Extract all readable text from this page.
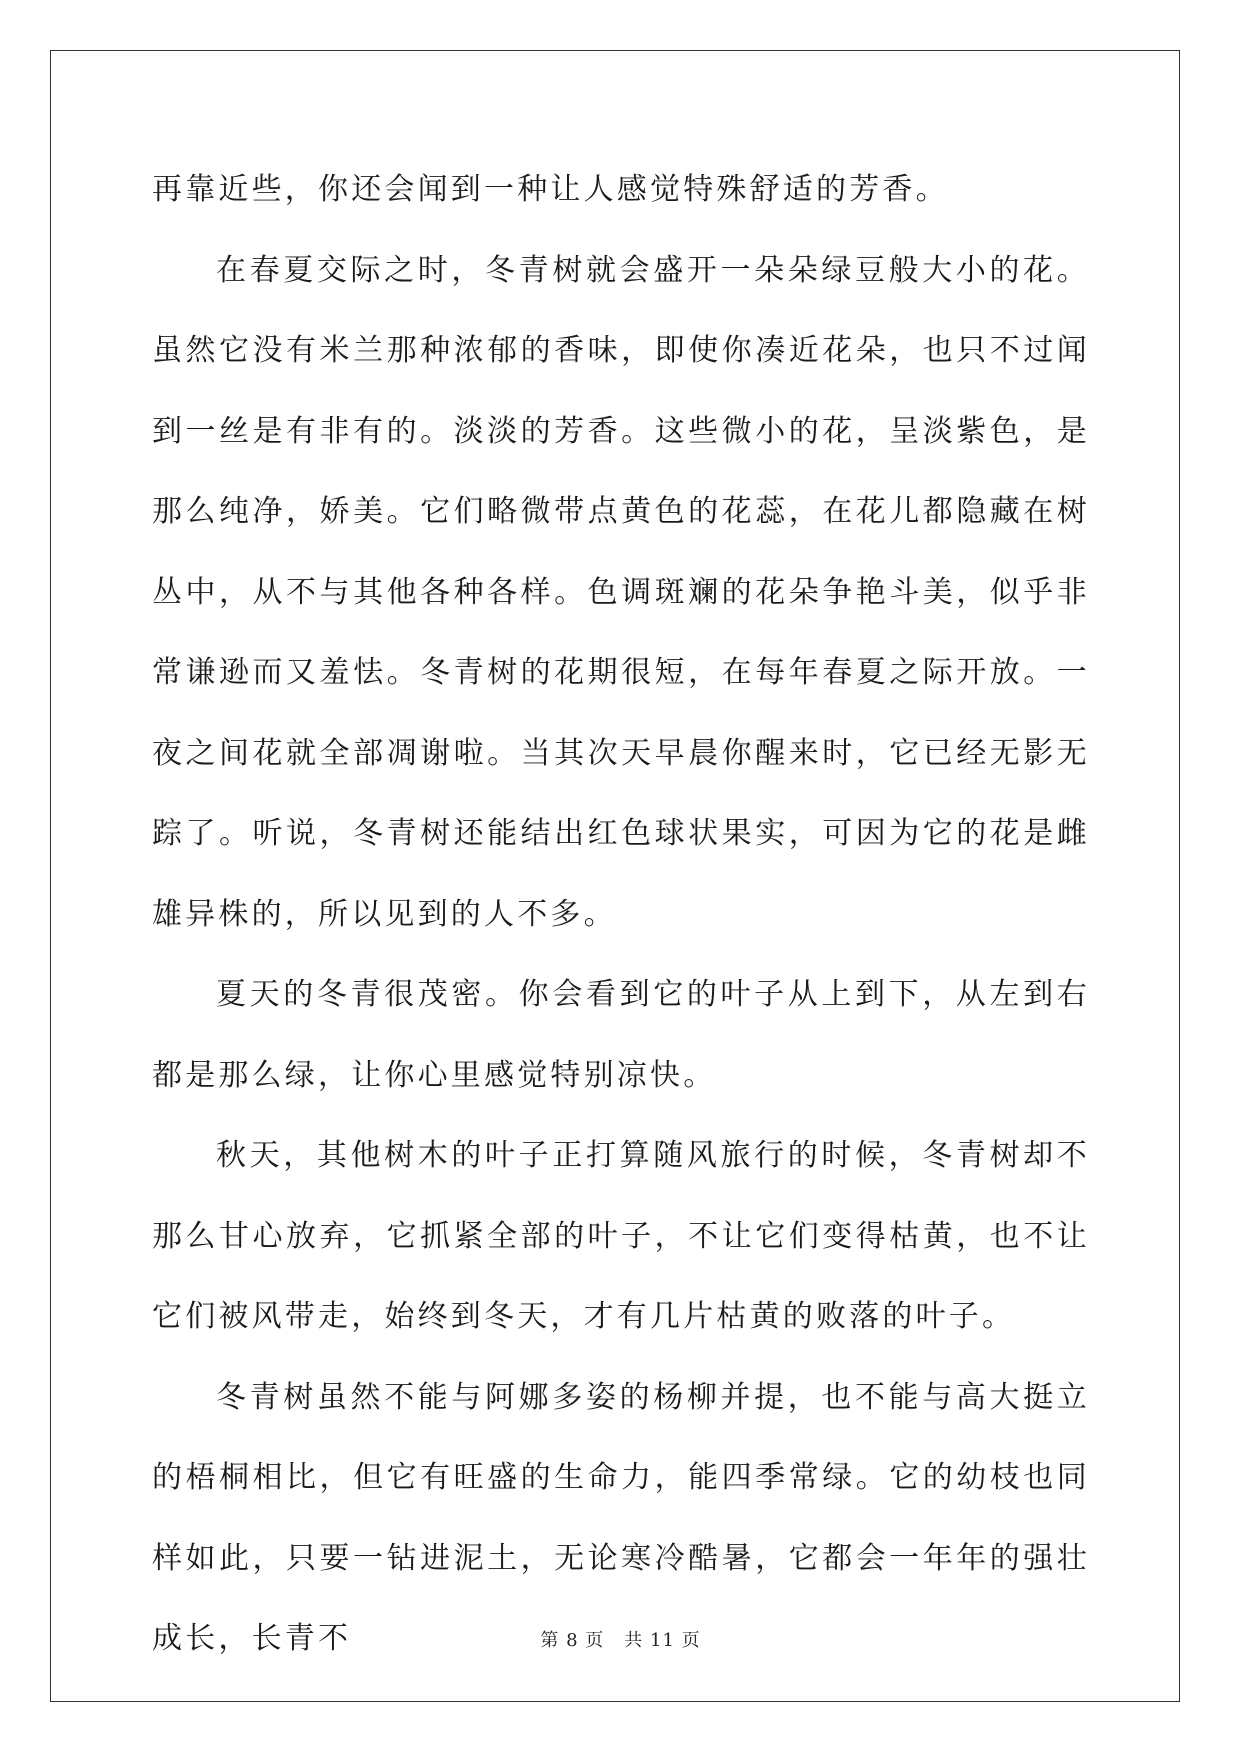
再靠近些，你还会闻到一种让人感觉特殊舒适的芳香。

在春夏交际之时，冬青树就会盛开一朵朵绿豆般大小的花。虽然它没有米兰那种浓郁的香味，即使你凑近花朵，也只不过闻到一丝是有非有的。淡淡的芳香。这些微小的花，呈淡紫色，是那么纯净，娇美。它们略微带点黄色的花蕊，在花儿都隐藏在树丛中，从不与其他各种各样。色调斑斓的花朵争艳斗美，似乎非常谦逊而又羞怯。冬青树的花期很短，在每年春夏之际开放。一夜之间花就全部凋谢啦。当其次天早晨你醒来时，它已经无影无踪了。听说，冬青树还能结出红色球状果实，可因为它的花是雌雄异株的，所以见到的人不多。

夏天的冬青很茂密。你会看到它的叶子从上到下，从左到右都是那么绿，让你心里感觉特别凉快。

秋天，其他树木的叶子正打算随风旅行的时候，冬青树却不那么甘心放弃，它抓紧全部的叶子，不让它们变得枯黄，也不让它们被风带走，始终到冬天，才有几片枯黄的败落的叶子。

冬青树虽然不能与阿娜多姿的杨柳并提，也不能与高大挺立的梧桐相比，但它有旺盛的生命力，能四季常绿。它的幼枝也同样如此，只要一钻进泥土，无论寒冷酷暑，它都会一年年的强壮成长，长青不	第 8 页 共 11 页
